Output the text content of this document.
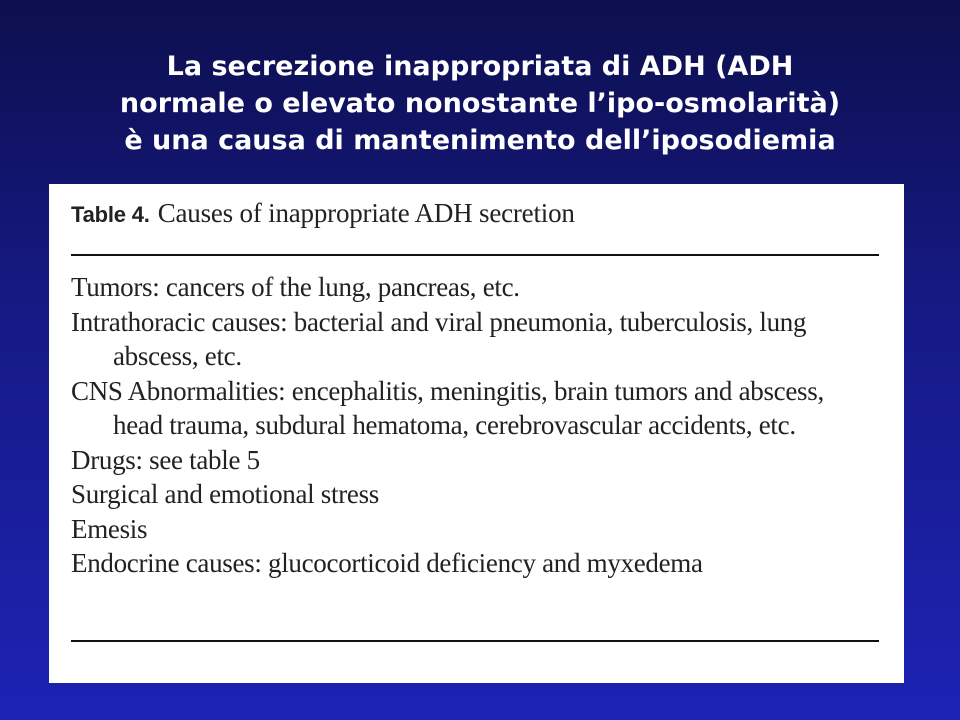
La secrezione inappropriata di ADH (ADH
normale o elevato nonostante l’ipo-osmolarità)
è una causa di mantenimento dell’iposodiemia
Table 4. Causes of inappropriate ADH secretion
Tumors: cancers of the lung, pancreas, etc.
Intrathoracic causes: bacterial and viral pneumonia, tuberculosis, lung abscess, etc.
CNS Abnormalities: encephalitis, meningitis, brain tumors and abscess, head trauma, subdural hematoma, cerebrovascular accidents, etc.
Drugs: see table 5
Surgical and emotional stress
Emesis
Endocrine causes: glucocorticoid deficiency and myxedema
